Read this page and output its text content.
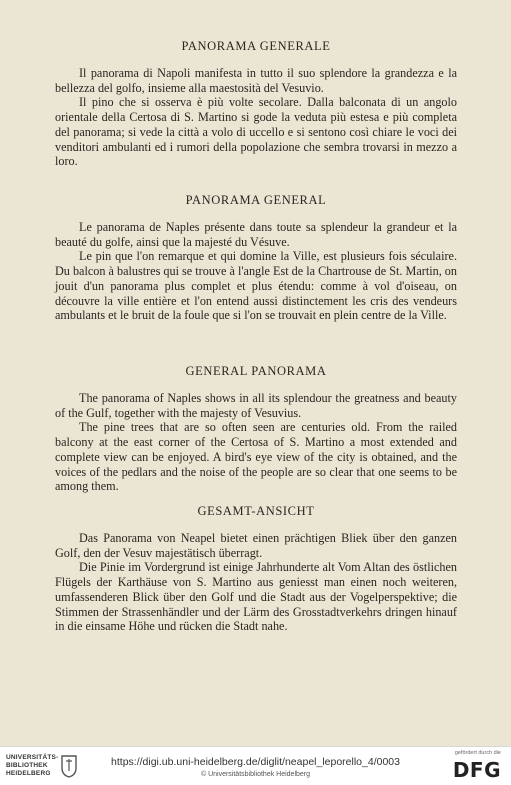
PANORAMA GENERALE

Il panorama di Napoli manifesta in tutto il suo splendore la grandezza e la bellezza del golfo, insieme alla maestosità del Vesuvio.

Il pino che si osserva è più volte secolare. Dalla balconata di un angolo orientale della Certosa di S. Martino si gode la veduta più estesa e più completa del panorama; si vede la città a volo di uccello e si sentono così chiare le voci dei venditori ambulanti ed i rumori della popolazione che sembra trovarsi in mezzo a loro.

PANORAMA GENERAL

Le panorama de Naples présente dans toute sa splendeur la grandeur et la beauté du golfe, ainsi que la majesté du Vésuve.

Le pin que l'on remarque et qui domine la Ville, est plusieurs fois séculaire. Du balcon à balustres qui se trouve à l'angle Est de la Chartrouse de St. Martin, on jouit d'un panorama plus complet et plus étendu: comme à vol d'oiseau, on découvre la ville entière et l'on entend aussi distinctement les cris des vendeurs ambulants et le bruit de la foule que si l'on se trouvait en plein centre de la Ville.

GENERAL PANORAMA

The panorama of Naples shows in all its splendour the greatness and beauty of the Gulf, together with the majesty of Vesuvius.

The pine trees that are so often seen are centuries old. From the railed balcony at the east corner of the Certosa of S. Martino a most extended and complete view can be enjoyed. A bird's eye view of the city is obtained, and the voices of the pedlars and the noise of the people are so clear that one seems to be among them.

GESAMT-ANSICHT

Das Panorama von Neapel bietet einen prächtigen Bliek über den ganzen Golf, den der Vesuv majestätisch überragt.

Die Pinie im Vordergrund ist einige Jahrhunderte alt Vom Altan des östlichen Flügels der Karthäuse von S. Martino aus geniesst man einen noch weiteren, umfassenderen Blick über den Golf und die Stadt aus der Vogelperspektive; die Stimmen der Strassenhändler und der Lärm des Grosstadtverkehrs dringen hinauf in die einsame Höhe und rücken die Stadt nahe.

UNIVERSITÄTS-
BIBLIOTHEK
HEIDELBERG
https://digi.ub.uni-heidelberg.de/diglit/neapel_leporello_4/0003
© Universitätsbibliothek Heidelberg
gefördert durch die
DFG
